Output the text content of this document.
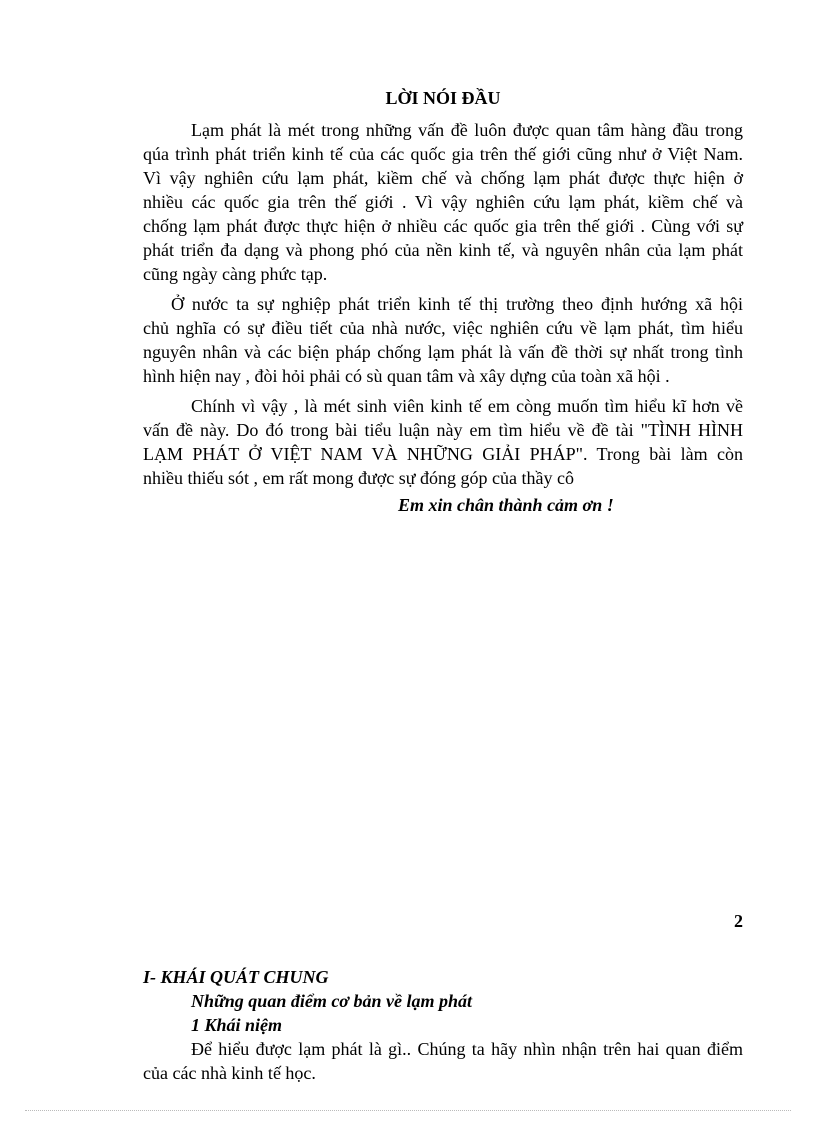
LỜI NÓI ĐẦU
Lạm phát là mét trong những vấn đề luôn được quan tâm hàng đầu trong
qúa trình phát triển kinh tế của các quốc gia trên thế giới cũng như ở Việt Nam.
Vì vậy nghiên cứu lạm phát, kiềm chế và chống lạm phát được thực hiện ở
nhiều các quốc gia trên thế giới . Vì vậy nghiên cứu lạm phát, kiềm chế và
chống lạm phát được thực hiện ở nhiều các quốc gia trên thế giới . Cùng với sự
phát triển đa dạng và phong phó của nền kinh tế, và nguyên nhân của lạm phát
cũng ngày càng phức tạp.
Ở nước ta sự nghiệp phát triển kinh tế thị trường theo định hướng xã hội
chủ nghĩa có sự điều tiết của nhà nước, việc nghiên cứu về lạm phát, tìm hiểu
nguyên nhân và các biện pháp chống lạm phát là vấn đề thời sự nhất trong tình
hình hiện nay , đòi hỏi phải có sù quan tâm và xây dựng của toàn xã hội .
Chính vì vậy , là mét sinh viên kinh tế em còng muốn tìm hiểu kĩ hơn về
vấn đề này. Do đó trong bài tiểu luận này em tìm hiểu về đề tài "TÌNH HÌNH
LẠM PHÁT Ở VIỆT NAM VÀ NHỮNG GIẢI PHÁP". Trong bài làm còn
nhiều thiếu sót , em rất mong được sự đóng góp của thầy cô
Em xin chân thành cảm ơn !
2
I- KHÁI QUÁT CHUNG
Những quan điểm cơ bản về lạm phát
1 Khái niệm
Để hiểu được lạm phát là gì.. Chúng ta hãy nhìn nhận trên hai quan điểm
của các nhà kinh tế học.
